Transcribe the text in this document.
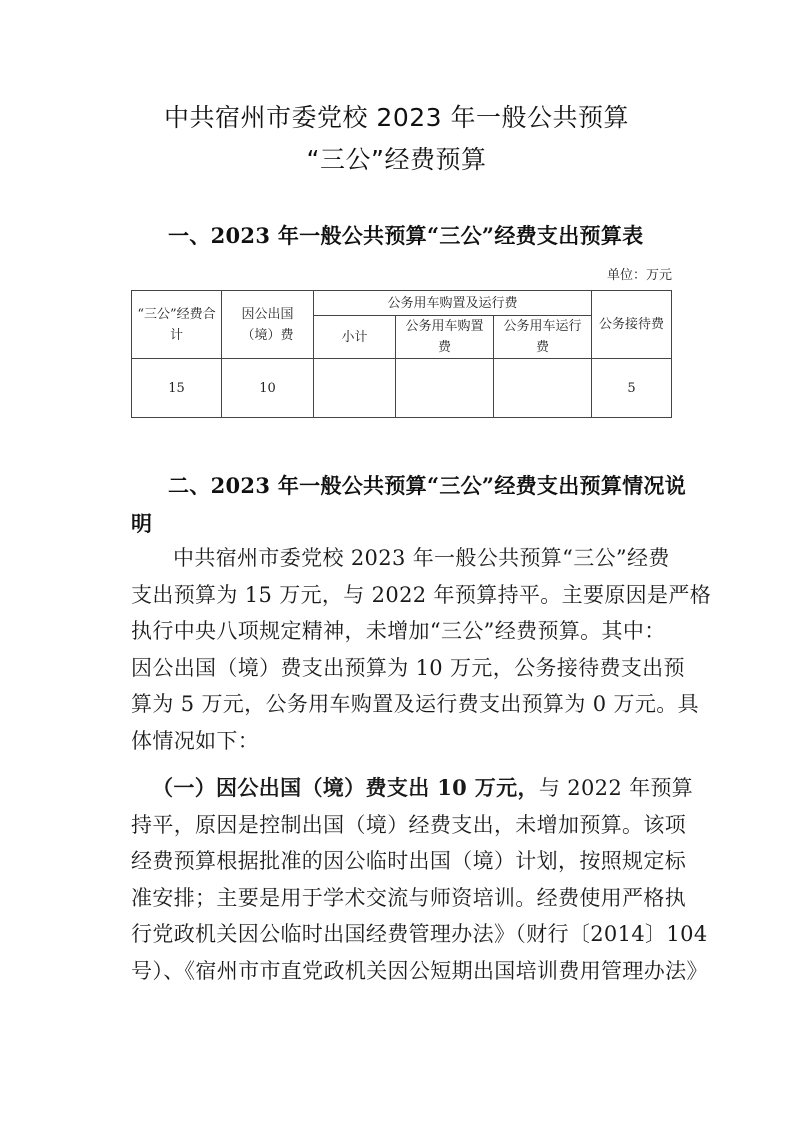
中共宿州市委党校 2023 年一般公共预算
“三公”经费预算
一、2023 年一般公共预算“三公”经费支出预算表
单位：万元
“三公”经费合计	因公出国（境）费	公务用车购置及运行费			公务接待费
		小计	公务用车购置费	公务用车运行费	
15	10				5
二、2023 年一般公共预算“三公”经费支出预算情况说
明
中共宿州市委党校 2023 年一般公共预算“三公”经费
支出预算为 15 万元，与 2022 年预算持平。主要原因是严格
执行中央八项规定精神，未增加“三公”经费预算。其中：
因公出国（境）费支出预算为 10 万元，公务接待费支出预
算为 5 万元，公务用车购置及运行费支出预算为 0 万元。具
体情况如下：
（一）因公出国（境）费支出 10 万元，与 2022 年预算
持平，原因是控制出国（境）经费支出，未增加预算。该项
经费预算根据批准的因公临时出国（境）计划，按照规定标
准安排；主要是用于学术交流与师资培训。经费使用严格执
行党政机关因公临时出国经费管理办法》（财行〔2014〕104
号）、《宿州市市直党政机关因公短期出国培训费用管理办法》
